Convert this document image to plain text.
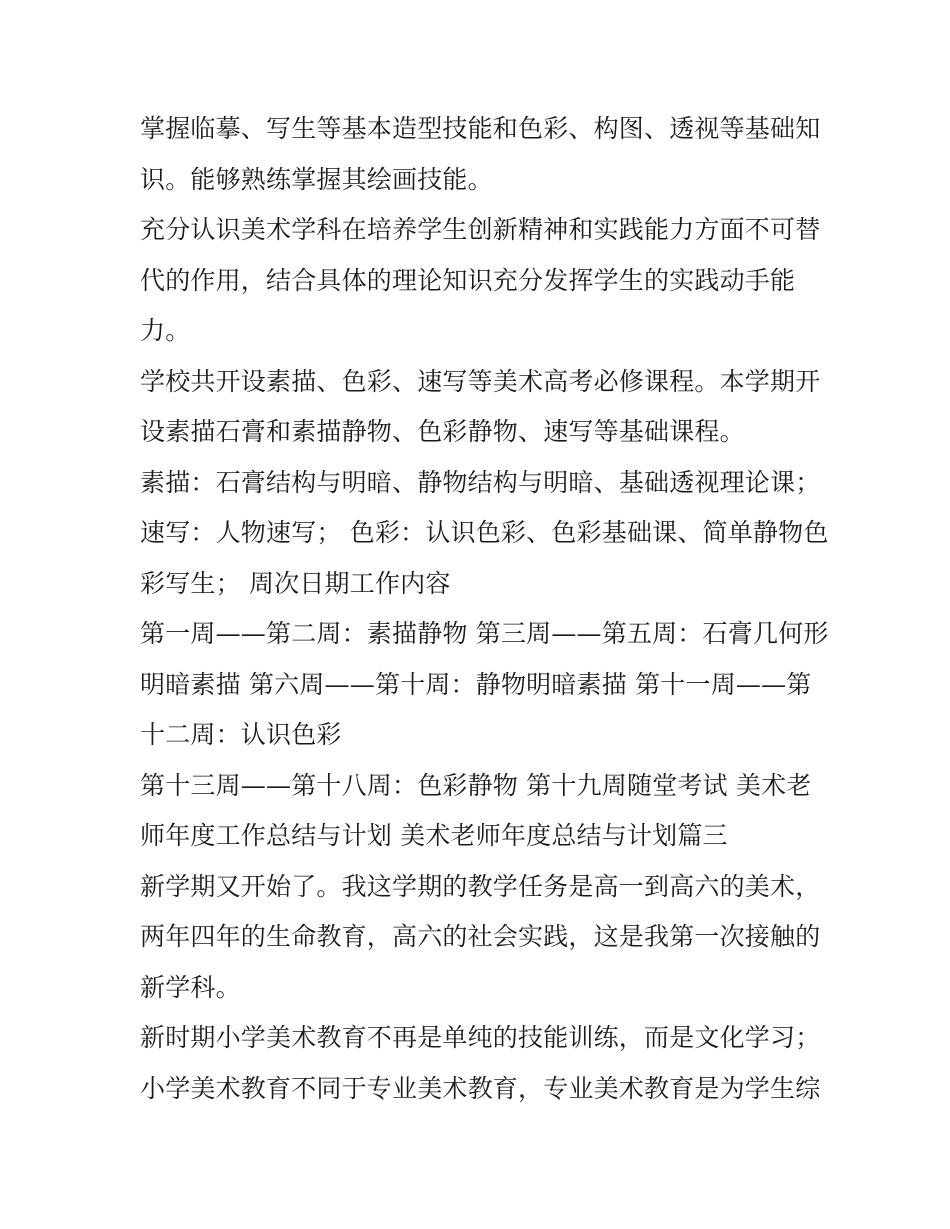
掌握临摹、写生等基本造型技能和色彩、构图、透视等基础知识。能够熟练掌握其绘画技能。

充分认识美术学科在培养学生创新精神和实践能力方面不可替代的作用，结合具体的理论知识充分发挥学生的实践动手能力。

学校共开设素描、色彩、速写等美术高考必修课程。本学期开设素描石膏和素描静物、色彩静物、速写等基础课程。

素描：石膏结构与明暗、静物结构与明暗、基础透视理论课；速写：人物速写； 色彩：认识色彩、色彩基础课、简单静物色彩写生； 周次日期工作内容

第一周——第二周：素描静物 第三周——第五周：石膏几何形明暗素描 第六周——第十周：静物明暗素描 第十一周——第十二周：认识色彩

第十三周——第十八周：色彩静物 第十九周随堂考试 美术老师年度工作总结与计划 美术老师年度总结与计划篇三

新学期又开始了。我这学期的教学任务是高一到高六的美术，两年四年的生命教育，高六的社会实践，这是我第一次接触的新学科。

新时期小学美术教育不再是单纯的技能训练，而是文化学习；小学美术教育不同于专业美术教育，专业美术教育是为学生综
